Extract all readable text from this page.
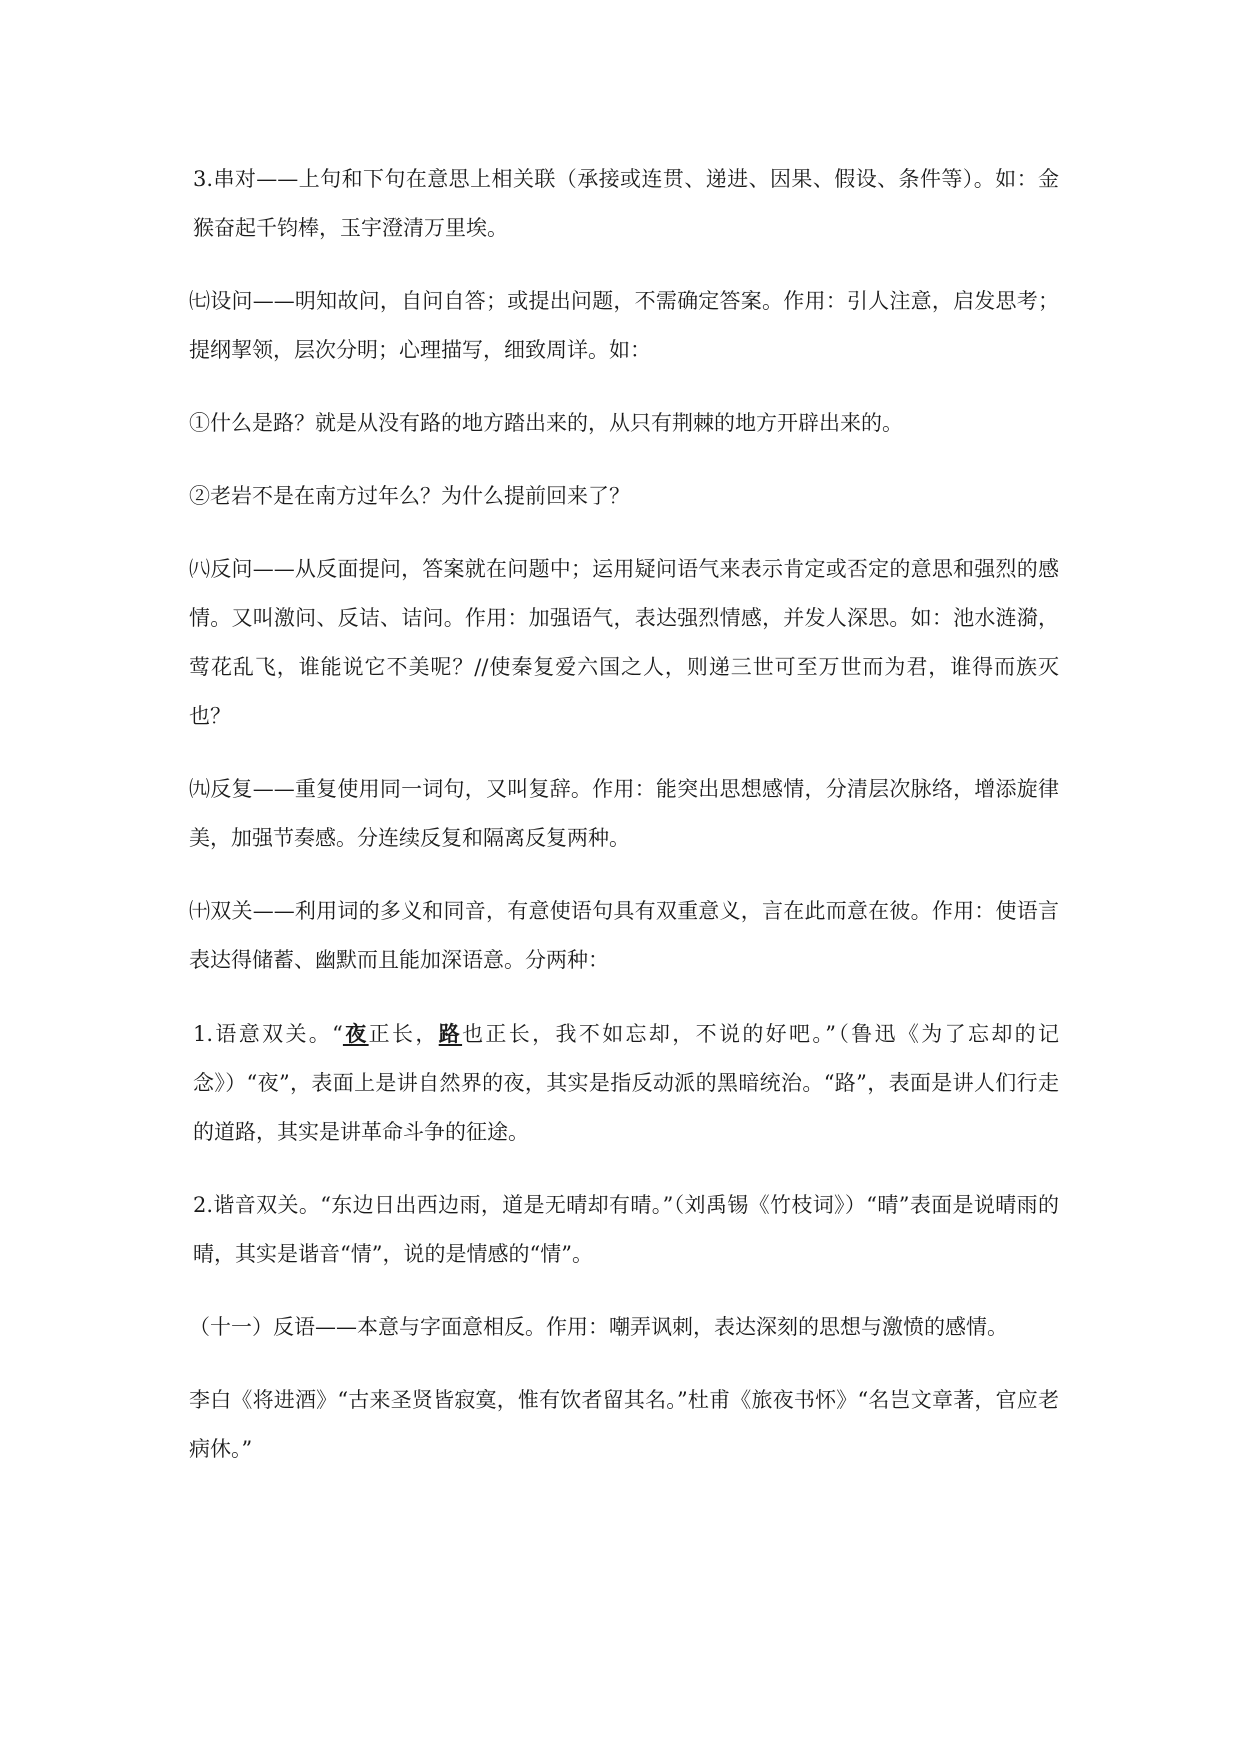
3.串对——上句和下句在意思上相关联（承接或连贯、递进、因果、假设、条件等）。如：金猴奋起千钧棒，玉宇澄清万里埃。

㈦设问——明知故问，自问自答；或提出问题，不需确定答案。作用：引人注意，启发思考；提纲挈领，层次分明；心理描写，细致周详。如：

①什么是路？就是从没有路的地方踏出来的，从只有荆棘的地方开辟出来的。

②老岩不是在南方过年么？为什么提前回来了？

㈧反问——从反面提问，答案就在问题中；运用疑问语气来表示肯定或否定的意思和强烈的感情。又叫激问、反诘、诘问。作用：加强语气，表达强烈情感，并发人深思。如：池水涟漪，莺花乱飞，谁能说它不美呢？//使秦复爱六国之人，则递三世可至万世而为君，谁得而族灭也？

㈨反复——重复使用同一词句，又叫复辞。作用：能突出思想感情，分清层次脉络，增添旋律美，加强节奏感。分连续反复和隔离反复两种。

㈩双关——利用词的多义和同音，有意使语句具有双重意义，言在此而意在彼。作用：使语言表达得储蓄、幽默而且能加深语意。分两种：

1.语意双关。“夜正长，路也正长，我不如忘却，不说的好吧。”（鲁迅《为了忘却的记念》）“夜”，表面上是讲自然界的夜，其实是指反动派的黑暗统治。“路”，表面是讲人们行走的道路，其实是讲革命斗争的征途。

2.谐音双关。“东边日出西边雨，道是无晴却有晴。”（刘禹锡《竹枝词》）“晴”表面是说晴雨的晴，其实是谐音“情”，说的是情感的“情”。

（十一）反语——本意与字面意相反。作用：嘲弄讽刺，表达深刻的思想与激愤的感情。

李白《将进酒》“古来圣贤皆寂寞，惟有饮者留其名。”杜甫《旅夜书怀》“名岂文章著，官应老病休。”
